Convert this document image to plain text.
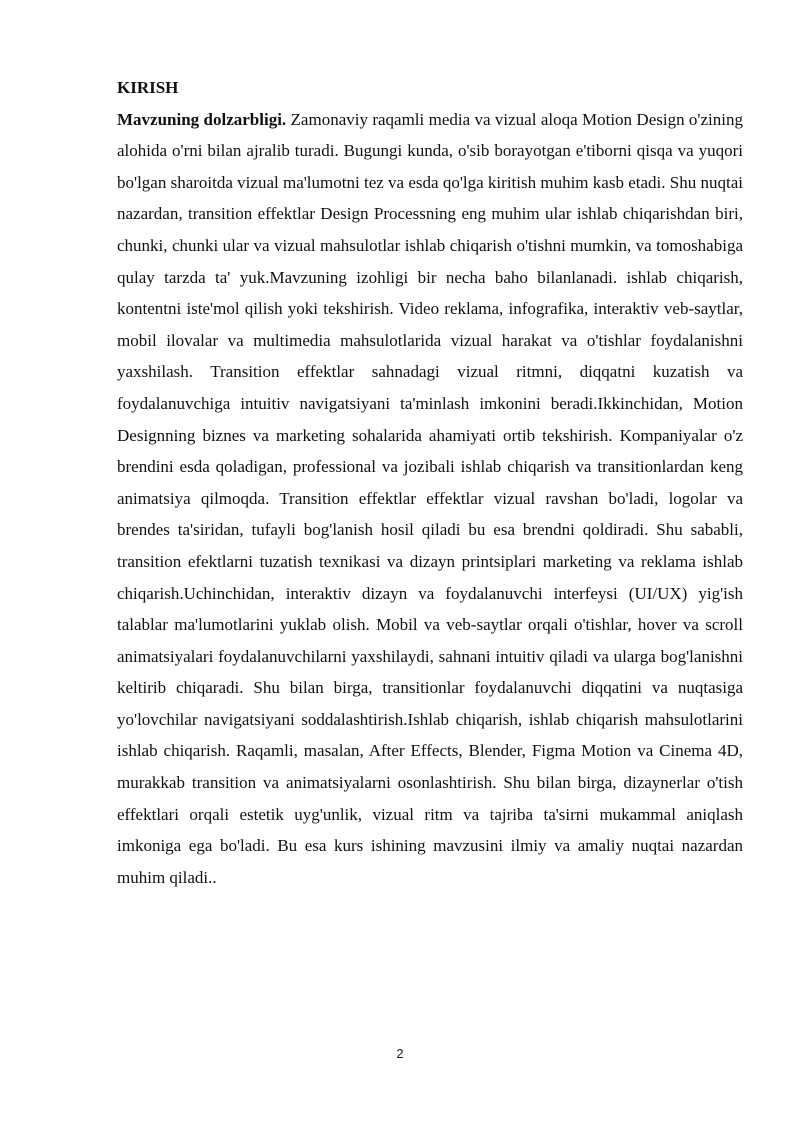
KIRISH

Mavzuning dolzarbligi. Zamonaviy raqamli media va vizual aloqa Motion Design o'zining alohida o'rni bilan ajralib turadi. Bugungi kunda, o'sib borayotgan e'tiborni qisqa va yuqori bo'lgan sharoitda vizual ma'lumotni tez va esda qo'lga kiritish muhim kasb etadi. Shu nuqtai nazardan, transition effektlar Design Processning eng muhim ular ishlab chiqarishdan biri, chunki, chunki ular va vizual mahsulotlar ishlab chiqarish o'tishni mumkin, va tomoshabiga qulay tarzda ta' yuk.Mavzuning izohligi bir necha baho bilanlanadi. ishlab chiqarish, kontentni iste'mol qilish yoki tekshirish. Video reklama, infografika, interaktiv veb-saytlar, mobil ilovalar va multimedia mahsulotlarida vizual harakat va o'tishlar foydalanishni yaxshilash. Transition effektlar sahnadagi vizual ritmni, diqqatni kuzatish va foydalanuvchiga intuitiv navigatsiyani ta'minlash imkonini beradi.Ikkinchidan, Motion Designning biznes va marketing sohalarida ahamiyati ortib tekshirish. Kompaniyalar o'z brendini esda qoladigan, professional va jozibali ishlab chiqarish va transitionlardan keng animatsiya qilmoqda. Transition effektlar effektlar vizual ravshan bo'ladi, logolar va brendes ta'siridan, tufayli bog'lanish hosil qiladi bu esa brendni qoldiradi. Shu sababli, transition efektlarni tuzatish texnikasi va dizayn printsiplari marketing va reklama ishlab chiqarish.Uchinchidan, interaktiv dizayn va foydalanuvchi interfeysi (UI/UX) yig'ish talablar ma'lumotlarini yuklab olish. Mobil va veb-saytlar orqali o'tishlar, hover va scroll animatsiyalari foydalanuvchilarni yaxshilaydi, sahnani intuitiv qiladi va ularga bog'lanishni keltirib chiqaradi. Shu bilan birga, transitionlar foydalanuvchi diqqatini va nuqtasiga yo'lovchilar navigatsiyani soddalashtirish.Ishlab chiqarish, ishlab chiqarish mahsulotlarini ishlab chiqarish. Raqamli, masalan, After Effects, Blender, Figma Motion va Cinema 4D, murakkab transition va animatsiyalarni osonlashtirish. Shu bilan birga, dizaynerlar o'tish effektlari orqali estetik uyg'unlik, vizual ritm va tajriba ta'sirni mukammal aniqlash imkoniga ega bo'ladi. Bu esa kurs ishining mavzusini ilmiy va amaliy nuqtai nazardan muhim qiladi..

2
